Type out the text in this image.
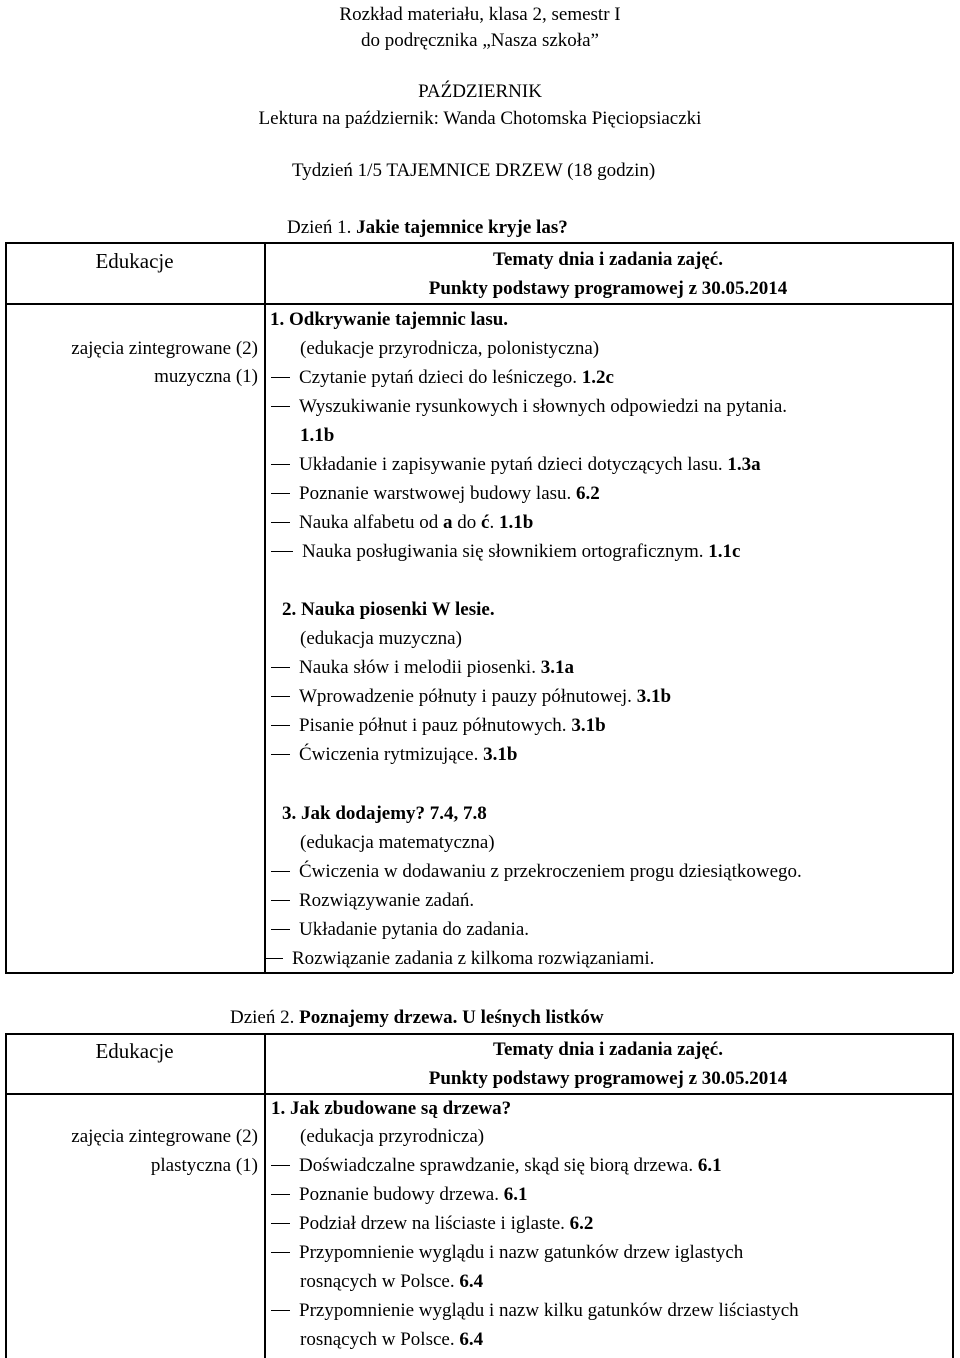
Rozkład materiału, klasa 2, semestr I
do podręcznika „Nasza szkoła”
PAŹDZIERNIK
Lektura na październik: Wanda Chotomska Pięciopsiaczki
Tydzień 1/5 TAJEMNICE DRZEW (18 godzin)
Dzień 1. Jakie tajemnice kryje las?
Edukacje	Tematy dnia i zadania zajęć.
Punkty podstawy programowej z 30.05.2014
zajęcia zintegrowane (2)
muzyczna (1)
1. Odkrywanie tajemnic lasu.
(edukacje przyrodnicza, polonistyczna)
Czytanie pytań dzieci do leśniczego. 1.2c
Wyszukiwanie rysunkowych i słownych odpowiedzi na pytania.
1.1b
Układanie i zapisywanie pytań dzieci dotyczących lasu. 1.3a
Poznanie warstwowej budowy lasu. 6.2
Nauka alfabetu od a do ć. 1.1b
Nauka posługiwania się słownikiem ortograficznym. 1.1c
2. Nauka piosenki W lesie.
(edukacja muzyczna)
Nauka słów i melodii piosenki. 3.1a
Wprowadzenie półnuty i pauzy półnutowej. 3.1b
Pisanie półnut i pauz półnutowych. 3.1b
Ćwiczenia rytmizujące. 3.1b
3. Jak dodajemy? 7.4, 7.8
(edukacja matematyczna)
Ćwiczenia w dodawaniu z przekroczeniem progu dziesiątkowego.
Rozwiązywanie zadań.
Układanie pytania do zadania.
Rozwiązanie zadania z kilkoma rozwiązaniami.
Dzień 2. Poznajemy drzewa. U leśnych listków
Edukacje	Tematy dnia i zadania zajęć.
Punkty podstawy programowej z 30.05.2014
zajęcia zintegrowane (2)
plastyczna (1)
1. Jak zbudowane są drzewa?
(edukacja przyrodnicza)
Doświadczalne sprawdzanie, skąd się biorą drzewa. 6.1
Poznanie budowy drzewa. 6.1
Podział drzew na liściaste i iglaste. 6.2
Przypomnienie wyglądu i nazw gatunków drzew iglastych
rosnących w Polsce. 6.4
Przypomnienie wyglądu i nazw kilku gatunków drzew liściastych
rosnących w Polsce. 6.4
